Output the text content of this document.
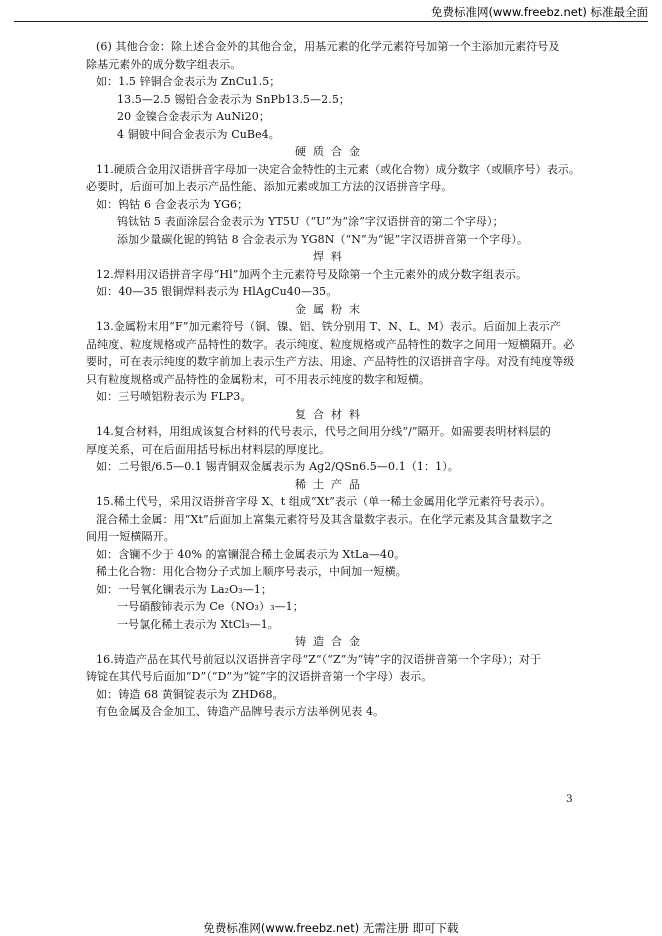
免费标准网(www.freebz.net) 标准最全面
(6) 其他合金：除上述合金外的其他合金，用基元素的化学元素符号加第一个主添加元素符号及
除基元素外的成分数字组表示。
如：1.5 锌铜合金表示为 ZnCu1.5；
13.5—2.5 锡铅合金表示为 SnPb13.5—2.5；
20 金镍合金表示为 AuNi20；
4 铜铍中间合金表示为 CuBe4。
硬质合金
11.硬质合金用汉语拼音字母加一决定合金特性的主元素（或化合物）成分数字（或顺序号）表示。
必要时，后面可加上表示产品性能、添加元素或加工方法的汉语拼音字母。
如：钨钴 6 合金表示为 YG6；
钨钛钴 5 表面涂层合金表示为 YT5U（“U”为“涂”字汉语拼音的第二个字母）；
添加少量碳化铌的钨钴 8 合金表示为 YG8N（“N”为“铌”字汉语拼音第一个字母）。
焊料
12.焊料用汉语拼音字母“Hl”加两个主元素符号及除第一个主元素外的成分数字组表示。
如：40—35 银铜焊料表示为 HlAgCu40—35。
金属粉末
13.金属粉末用“F”加元素符号（铜、镍、铝、铁分别用 T、N、L、M）表示。后面加上表示产
品纯度、粒度规格或产品特性的数字。表示纯度、粒度规格或产品特性的数字之间用一短横隔开。必
要时，可在表示纯度的数字前加上表示生产方法、用途、产品特性的汉语拼音字母。对没有纯度等级
只有粒度规格或产品特性的金属粉末，可不用表示纯度的数字和短横。
如：三号喷铝粉表示为 FLP3。
复合材料
14.复合材料，用组成该复合材料的代号表示，代号之间用分线“/”隔开。如需要表明材料层的
厚度关系，可在后面用括号标出材料层的厚度比。
如：二号银/6.5—0.1 锡青铜双金属表示为 Ag2/QSn6.5—0.1（1：1）。
稀土产品
15.稀土代号，采用汉语拼音字母 X、t 组成“Xt”表示（单一稀土金属用化学元素符号表示）。
混合稀土金属：用“Xt”后面加上富集元素符号及其含量数字表示。在化学元素及其含量数字之
间用一短横隔开。
如：含镧不少于 40% 的富镧混合稀土金属表示为 XtLa—40。
稀土化合物：用化合物分子式加上顺序号表示，中间加一短横。
如：一号氧化镧表示为 La₂O₃—1；
一号硝酸铈表示为 Ce（NO₃）₃—1；
一号氯化稀土表示为 XtCl₃—1。
铸造合金
16.铸造产品在其代号前冠以汉语拼音字母“Z”（“Z”为“铸”字的汉语拼音第一个字母）；对于
铸锭在其代号后面加“D”（“D”为“锭”字的汉语拼音第一个字母）表示。
如：铸造 68 黄铜锭表示为 ZHD68。
有色金属及合金加工、铸造产品牌号表示方法举例见表 4。
3
免费标准网(www.freebz.net) 无需注册 即可下载
